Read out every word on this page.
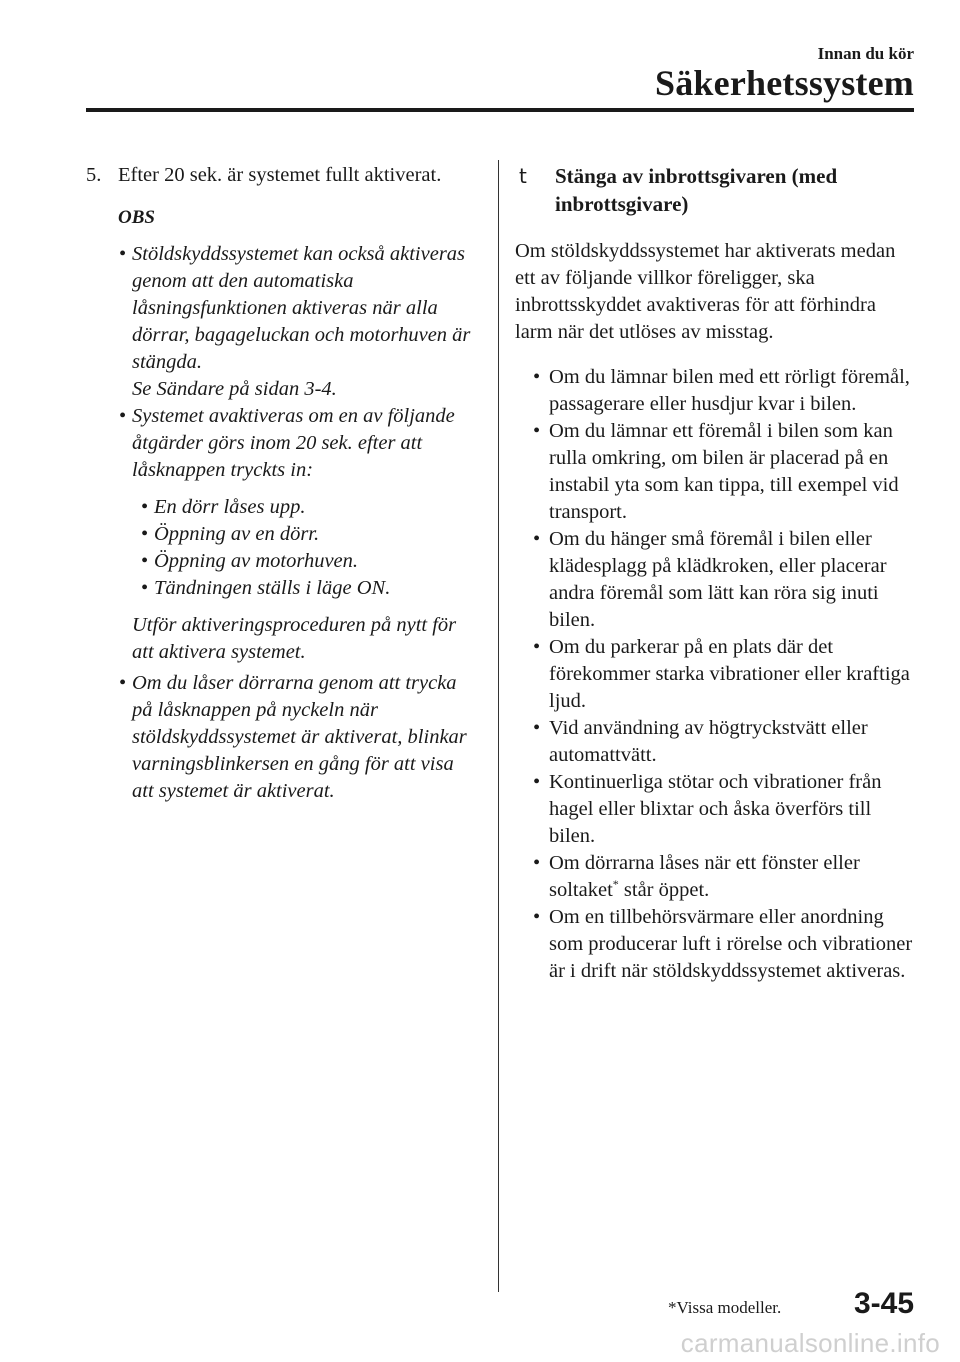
Innan du kör
Säkerhetssystem
5. Efter 20 sek. är systemet fullt aktiverat.
OBS
• Stöldskyddssystemet kan också aktiveras genom att den automatiska låsningsfunktionen aktiveras när alla dörrar, bagageluckan och motorhuven är stängda.
Se Sändare på sidan 3-4.
• Systemet avaktiveras om en av följande åtgärder görs inom 20 sek. efter att låsknappen tryckts in:
• En dörr låses upp.
• Öppning av en dörr.
• Öppning av motorhuven.
• Tändningen ställs i läge ON.
Utför aktiveringsproceduren på nytt för att aktivera systemet.
• Om du låser dörrarna genom att trycka på låsknappen på nyckeln när stöldskyddssystemet är aktiverat, blinkar varningsblinkersen en gång för att visa att systemet är aktiverat.
t	Stänga av inbrottsgivaren (med inbrottsgivare)
Om stöldskyddssystemet har aktiverats medan ett av följande villkor föreligger, ska inbrottsskyddet avaktiveras för att förhindra larm när det utlöses av misstag.
• Om du lämnar bilen med ett rörligt föremål, passagerare eller husdjur kvar i bilen.
• Om du lämnar ett föremål i bilen som kan rulla omkring, om bilen är placerad på en instabil yta som kan tippa, till exempel vid transport.
• Om du hänger små föremål i bilen eller klädesplagg på klädkroken, eller placerar andra föremål som lätt kan röra sig inuti bilen.
• Om du parkerar på en plats där det förekommer starka vibrationer eller kraftiga ljud.
• Vid användning av högtryckstvätt eller automattvätt.
• Kontinuerliga stötar och vibrationer från hagel eller blixtar och åska överförs till bilen.
• Om dörrarna låses när ett fönster eller soltaket* står öppet.
• Om en tillbehörsvärmare eller anordning som producerar luft i rörelse och vibrationer är i drift när stöldskyddssystemet aktiveras.
*Vissa modeller. 3-45
carmanualsonline.info
